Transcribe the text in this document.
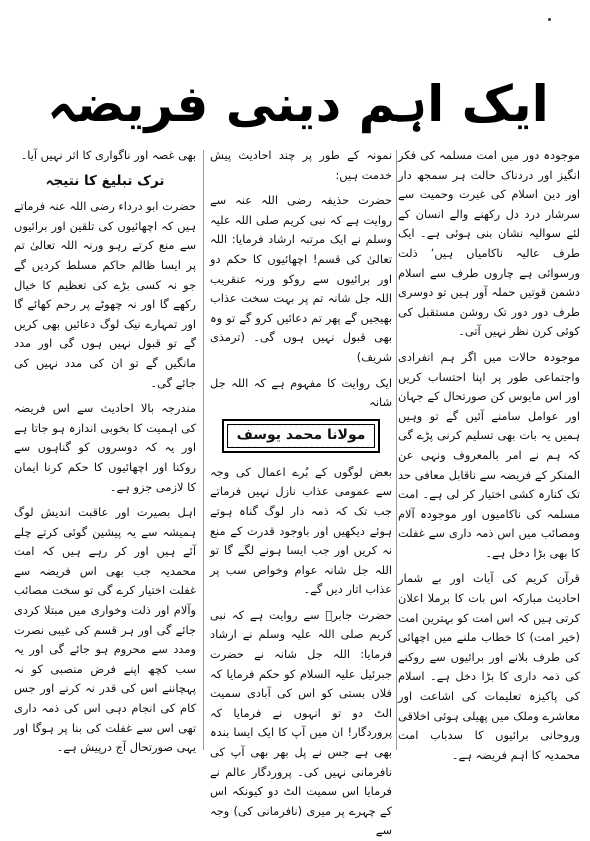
ایک اہم دینی فریضہ

موجودہ دور میں امت مسلمہ کی فکر انگیز اور دردناک حالت ہر سمجھ دار اور دین اسلام کی غیرت وحمیت سے سرشار درد دل رکھنے والے انسان کے لئے سوالیہ نشان بنی ہوئی ہے۔ ایک طرف عالیہ ناکامیاں ہیں‘ ذلت ورسوائی ہے چاروں طرف سے اسلام دشمن قوتیں حملہ آور ہیں تو دوسری طرف دور دور تک روشن مستقبل کی کوئی کرن نظر نہیں آتی۔

موجودہ حالات میں اگر ہم انفرادی واجتماعی طور پر اپنا احتساب کریں اور اس مایوس کن صورتحال کے جہان اور عوامل سامنے آئیں گے تو وہیں ہمیں یہ بات بھی تسلیم کرنی پڑے گی کہ ہم نے امر بالمعروف ونہی عن المنکر کے فریضہ سے ناقابل معافی حد تک کنارہ کشی اختیار کر لی ہے۔ امت مسلمہ کی ناکامیوں اور موجودہ آلام ومصائب میں اس ذمہ داری سے غفلت کا بھی بڑا دخل ہے۔

قرآن کریم کی آیات اور بے شمار احادیث مبارکہ اس بات کا برملا اعلان کرتی ہیں کہ اس امت کو بہترین امت (خیر امت) کا خطاب ملنے میں اچھائی کی طرف بلانے اور برائیوں سے روکنے کی ذمہ داری کا بڑا دخل ہے۔ اسلام کی پاکیزہ تعلیمات کی اشاعت اور معاشرے وملک میں پھیلی ہوئی اخلاقی وروحانی برائیوں کا سدباب امت محمدیہ کا اہم فریضہ ہے۔

نمونہ کے طور پر چند احادیث پیش خدمت ہیں:

حضرت حذیفہ رضی اللہ عنہ سے روایت ہے کہ نبی کریم صلی اللہ علیہ وسلم نے ایک مرتبہ ارشاد فرمایا: اللہ تعالیٰ کی قسم! اچھائیوں کا حکم دو اور برائیوں سے روکو ورنہ عنقریب اللہ جل شانہ تم پر بہت سخت عذاب بھیجیں گے پھر تم دعائیں کرو گے تو وہ بھی قبول نہیں ہوں گی۔ (ترمذی شریف)

ایک روایت کا مفہوم ہے کہ اللہ جل شانہ

مولانا محمد یوسف

بعض لوگوں کے بُرے اعمال کی وجہ سے عمومی عذاب نازل نہیں فرماتے جب تک کہ ذمہ دار لوگ گناہ ہوتے ہوئے دیکھیں اور باوجود قدرت کے منع نہ کریں اور جب ایسا ہونے لگے گا تو اللہ جل شانہ عوام وخواص سب پر عذاب اتار دیں گے۔

حضرت جابرؓ سے روایت ہے کہ نبی کریم صلی اللہ علیہ وسلم نے ارشاد فرمایا: اللہ جل شانہ نے حضرت جبرئیل علیہ السلام کو حکم فرمایا کہ فلاں بستی کو اس کی آبادی سمیت الٹ دو تو انہوں نے فرمایا کہ پروردگار! ان میں آپ کا ایک ایسا بندہ بھی ہے جس نے پل بھر بھی آپ کی نافرمانی نہیں کی۔ پروردگار عالم نے فرمایا اس سمیت الٹ دو کیونکہ اس کے چہرے پر میری (نافرمانی کی) وجہ سے

بھی غصہ اور ناگواری کا اثر نہیں آیا۔

ترک تبلیغ کا نتیجہ

حضرت ابو درداء رضی اللہ عنہ فرماتے ہیں کہ اچھائیوں کی تلقین اور برائیوں سے منع کرتے رہو ورنہ اللہ تعالیٰ تم پر ایسا ظالم حاکم مسلط کردیں گے جو نہ کسی بڑے کی تعظیم کا خیال رکھے گا اور نہ چھوٹے پر رحم کھائے گا اور تمہارے نیک لوگ دعائیں بھی کریں گے تو قبول نہیں ہوں گی اور مدد مانگیں گے تو ان کی مدد نہیں کی جائے گی۔

مندرجہ بالا احادیث سے اس فریضہ کی اہمیت کا بخوبی اندازہ ہو جاتا ہے اور یہ کہ دوسروں کو گناہوں سے روکنا اور اچھائیوں کا حکم کرنا ایمان کا لازمی جزو ہے۔

اہل بصیرت اور عاقبت اندیش لوگ ہمیشہ سے یہ پیشین گوئی کرتے چلے آئے ہیں اور کر رہے ہیں کہ امت محمدیہ جب بھی اس فریضہ سے غفلت اختیار کرے گی تو سخت مصائب وآلام اور ذلت وخواری میں مبتلا کردی جائے گی اور ہر قسم کی غیبی نصرت ومدد سے محروم ہو جائے گی اور یہ سب کچھ اپنے فرض منصبی کو نہ پہچاننے اس کی قدر نہ کرنے اور جس کام کی انجام دہی اس کی ذمہ داری تھی اس سے غفلت کی بنا پر ہوگا اور یہی صورتحال آج درپیش ہے۔
